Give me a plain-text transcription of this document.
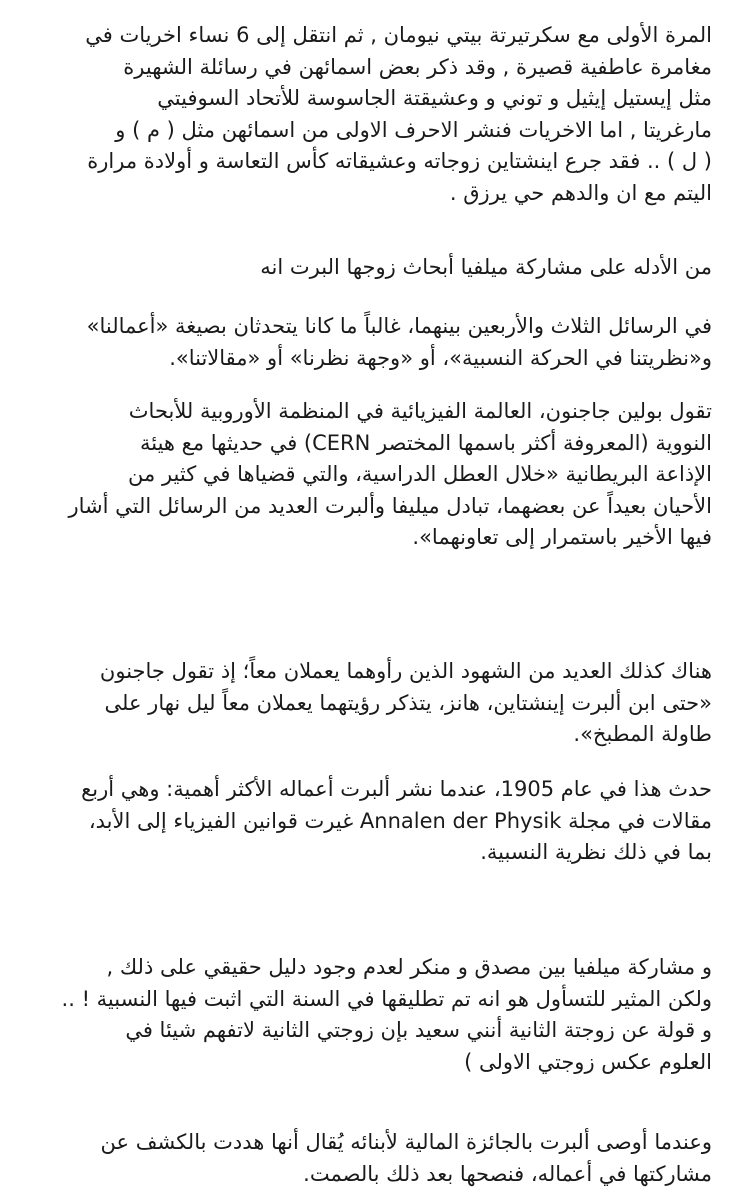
المرة الأولى مع سكرتيرتة بيتي نيومان , ثم انتقل إلى 6 نساء اخريات في
مغامرة عاطفية قصيرة , وقد ذكر بعض اسمائهن في رسائلة الشهيرة
مثل إيستيل إيثيل و توني و وعشيقتة الجاسوسة للأتحاد السوفيتي
مارغريتا , اما الاخريات فنشر الاحرف الاولى من اسمائهن مثل ( م ) و
( ل ) .. فقد جرع اينشتاين زوجاته وعشيقاته كأس التعاسة و أولادة مرارة
اليتم مع ان والدهم حي يرزق .

من الأدله على مشاركة ميلفيا أبحاث زوجها البرت انه

في الرسائل الثلاث والأربعين بينهما، غالباً ما كانا يتحدثان بصيغة «أعمالنا»
و«نظريتنا في الحركة النسبية»، أو «وجهة نظرنا» أو «مقالاتنا».

تقول بولين جاجنون، العالمة الفيزيائية في المنظمة الأوروبية للأبحاث
النووية (المعروفة أكثر باسمها المختصر CERN) في حديثها مع هيئة
الإذاعة البريطانية «خلال العطل الدراسية، والتي قضياها في كثير من
الأحيان بعيداً عن بعضهما، تبادل ميليفا وألبرت العديد من الرسائل التي أشار
فيها الأخير باستمرار إلى تعاونهما».

هناك كذلك العديد من الشهود الذين رأوهما يعملان معاً؛ إذ تقول جاجنون
«حتى ابن ألبرت إينشتاين، هانز، يتذكر رؤيتهما يعملان معاً ليل نهار على
طاولة المطبخ».

حدث هذا في عام 1905، عندما نشر ألبرت أعماله الأكثر أهمية: وهي أربع
مقالات في مجلة Annalen der Physik غيرت قوانين الفيزياء إلى الأبد،
بما في ذلك نظرية النسبية.

و مشاركة ميلفيا بين مصدق و منكر لعدم وجود دليل حقيقي على ذلك ,
ولكن المثير للتسأول هو انه تم تطليقها في السنة التي اثبت فيها النسبية ! ..
و قولة عن زوجتة الثانية أنني سعيد بإن زوجتي الثانية لاتفهم شيئا في
العلوم عكس زوجتي الاولى )

وعندما أوصى ألبرت بالجائزة المالية لأبنائه يُقال أنها هددت بالكشف عن
مشاركتها في أعماله، فنصحها بعد ذلك بالصمت.
